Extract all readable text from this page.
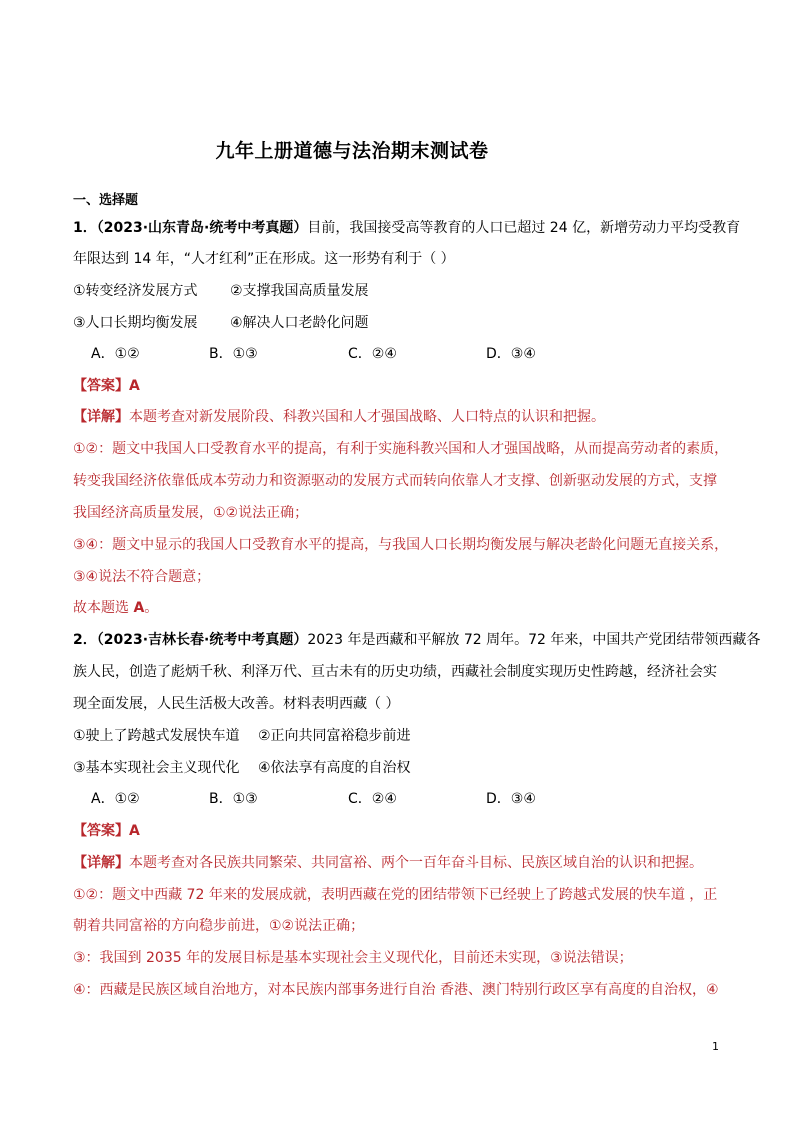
九年上册道德与法治期末测试卷
一、选择题
1．（2023·山东青岛·统考中考真题）目前，我国接受高等教育的人口已超过 24 亿，新增劳动力平均受教育
年限达到 14 年，“人才红利”正在形成。这一形势有利于（ ）
①转变经济发展方式 ②支撑我国高质量发展
③人口长期均衡发展 ④解决人口老龄化问题
A．①②	B．①③	C．②④	D．③④
【答案】A
【详解】本题考查对新发展阶段、科教兴国和人才强国战略、人口特点的认识和把握。
①②：题文中我国人口受教育水平的提高，有利于实施科教兴国和人才强国战略，从而提高劳动者的素质，
转变我国经济依靠低成本劳动力和资源驱动的发展方式而转向依靠人才支撑、创新驱动发展的方式，支撑
我国经济高质量发展，①②说法正确；
③④：题文中显示的我国人口受教育水平的提高，与我国人口长期均衡发展与解决老龄化问题无直接关系，
③④说法不符合题意；
故本题选 A。
2．（2023·吉林长春·统考中考真题）2023 年是西藏和平解放 72 周年。72 年来，中国共产党团结带领西藏各
族人民，创造了彪炳千秋、利泽万代、亘古未有的历史功绩，西藏社会制度实现历史性跨越，经济社会实
现全面发展，人民生活极大改善。材料表明西藏（ ）
①驶上了跨越式发展快车道 ②正向共同富裕稳步前进
③基本实现社会主义现代化 ④依法享有高度的自治权
A．①②	B．①③	C．②④	D．③④
【答案】A
【详解】本题考查对各民族共同繁荣、共同富裕、两个一百年奋斗目标、民族区域自治的认识和把握。
①②：题文中西藏 72 年来的发展成就，表明西藏在党的团结带领下已经驶上了跨越式发展的快车道 ，正
朝着共同富裕的方向稳步前进，①②说法正确；
③：我国到 2035 年的发展目标是基本实现社会主义现代化，目前还未实现，③说法错误；
④：西藏是民族区域自治地方，对本民族内部事务进行自治 香港、澳门特别行政区享有高度的自治权，④
1
